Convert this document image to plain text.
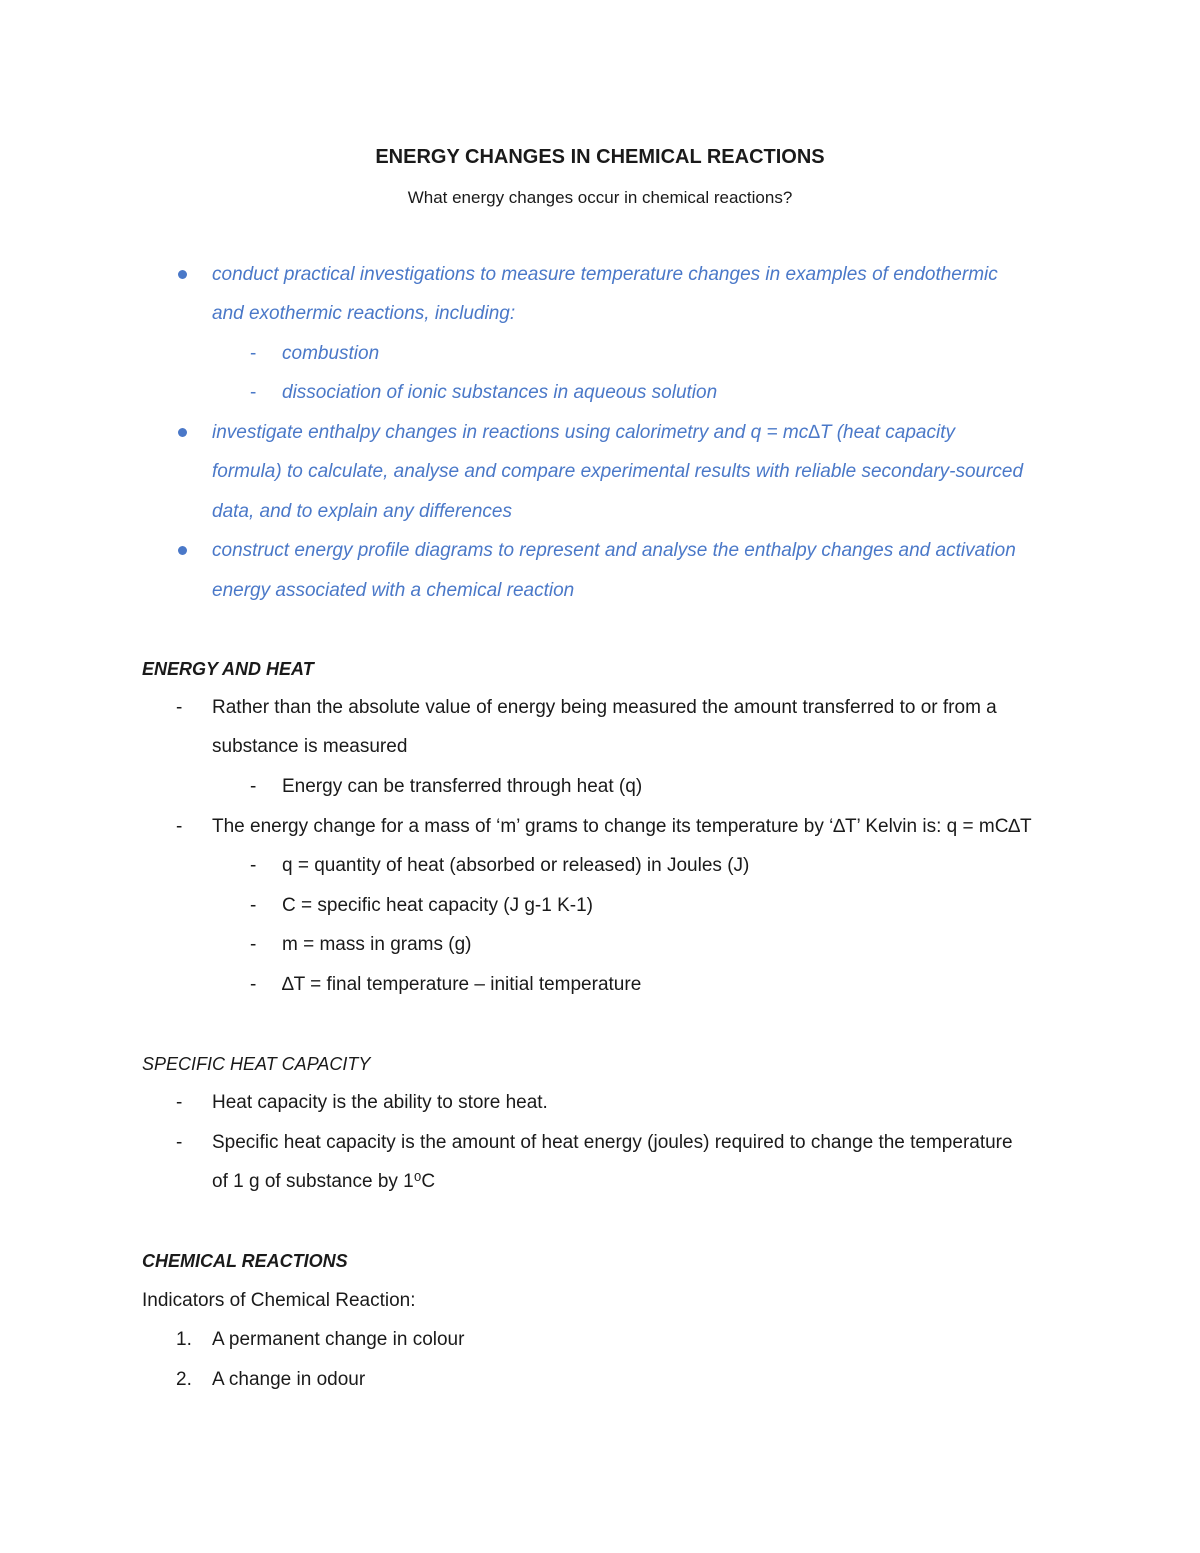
ENERGY CHANGES IN CHEMICAL REACTIONS
What energy changes occur in chemical reactions?
conduct practical investigations to measure temperature changes in examples of endothermic
and exothermic reactions, including:
- combustion
- dissociation of ionic substances in aqueous solution
investigate enthalpy changes in reactions using calorimetry and q = mc∆T (heat capacity
formula) to calculate, analyse and compare experimental results with reliable secondary-sourced
data, and to explain any differences
construct energy profile diagrams to represent and analyse the enthalpy changes and activation
energy associated with a chemical reaction
ENERGY AND HEAT
- Rather than the absolute value of energy being measured the amount transferred to or from a
substance is measured
- Energy can be transferred through heat (q)
- The energy change for a mass of ‘m’ grams to change its temperature by ‘∆T’ Kelvin is: q = mC∆T
- q = quantity of heat (absorbed or released) in Joules (J)
- C = specific heat capacity (J g-1 K-1)
- m = mass in grams (g)
- ∆T = final temperature – initial temperature
SPECIFIC HEAT CAPACITY
- Heat capacity is the ability to store heat.
- Specific heat capacity is the amount of heat energy (joules) required to change the temperature
of 1 g of substance by 1⁰C
CHEMICAL REACTIONS
Indicators of Chemical Reaction:
1. A permanent change in colour
2. A change in odour
